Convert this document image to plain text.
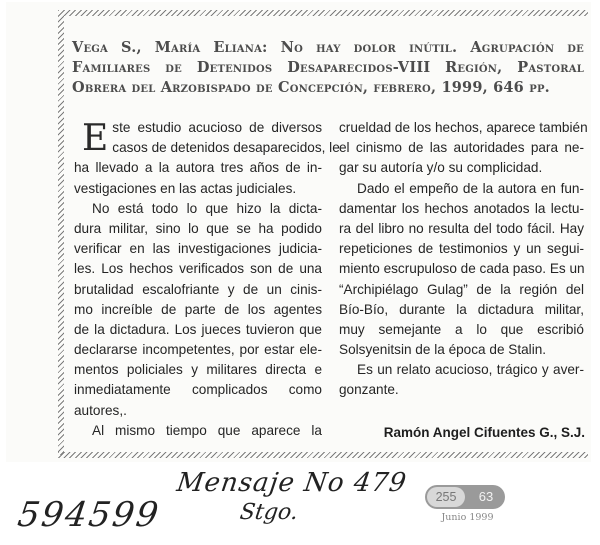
Vega S., María Eliana: No hay dolor inútil. Agrupación de Familiares de Detenidos Desaparecidos-VIII Región, Pastoral Obrera del Arzobispado de Concepción, febrero, 1999, 646 pp.
Este estudio acucioso de diversos
casos de detenidos desaparecidos, le
ha llevado a la autora tres años de in-
vestigaciones en las actas judiciales.
No está todo lo que hizo la dicta-
dura militar, sino lo que se ha podido
verificar en las investigaciones judicia-
les. Los hechos verificados son de una
brutalidad escalofriante y de un cinis-
mo increíble de parte de los agentes
de la dictadura. Los jueces tuvieron que
declararse incompetentes, por estar ele-
mentos policiales y militares directa e
inmediatamente complicados como
autores,.
Al mismo tiempo que aparece la
crueldad de los hechos, aparece también
el cinismo de las autoridades para ne-
gar su autoría y/o su complicidad.
Dado el empeño de la autora en fun-
damentar los hechos anotados la lectu-
ra del libro no resulta del todo fácil. Hay
repeticiones de testimonios y un segui-
miento escrupuloso de cada paso. Es un
“Archipiélago Gulag” de la región del
Bío-Bío, durante la dictadura militar,
muy semejante a lo que escribió
Solsyenitsin de la época de Stalin.
Es un relato acucioso, trágico y aver-
gonzante.
Ramón Angel Cifuentes G., S.J.
Mensaje No 479
Stgo.
594599	255	63
Junio 1999
